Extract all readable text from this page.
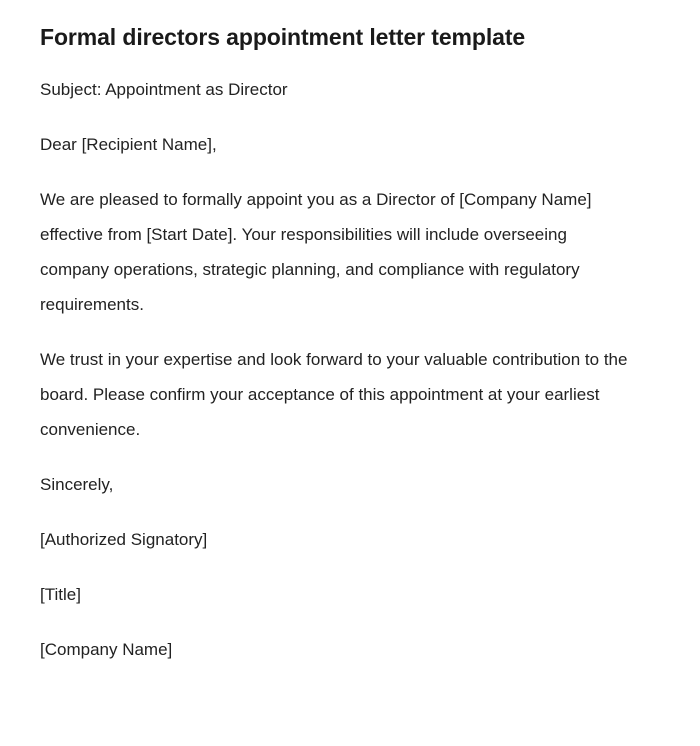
Formal directors appointment letter template

Subject: Appointment as Director

Dear [Recipient Name],

We are pleased to formally appoint you as a Director of [Company Name] effective from [Start Date]. Your responsibilities will include overseeing company operations, strategic planning, and compliance with regulatory requirements.

We trust in your expertise and look forward to your valuable contribution to the board. Please confirm your acceptance of this appointment at your earliest convenience.

Sincerely,

[Authorized Signatory]

[Title]

[Company Name]
